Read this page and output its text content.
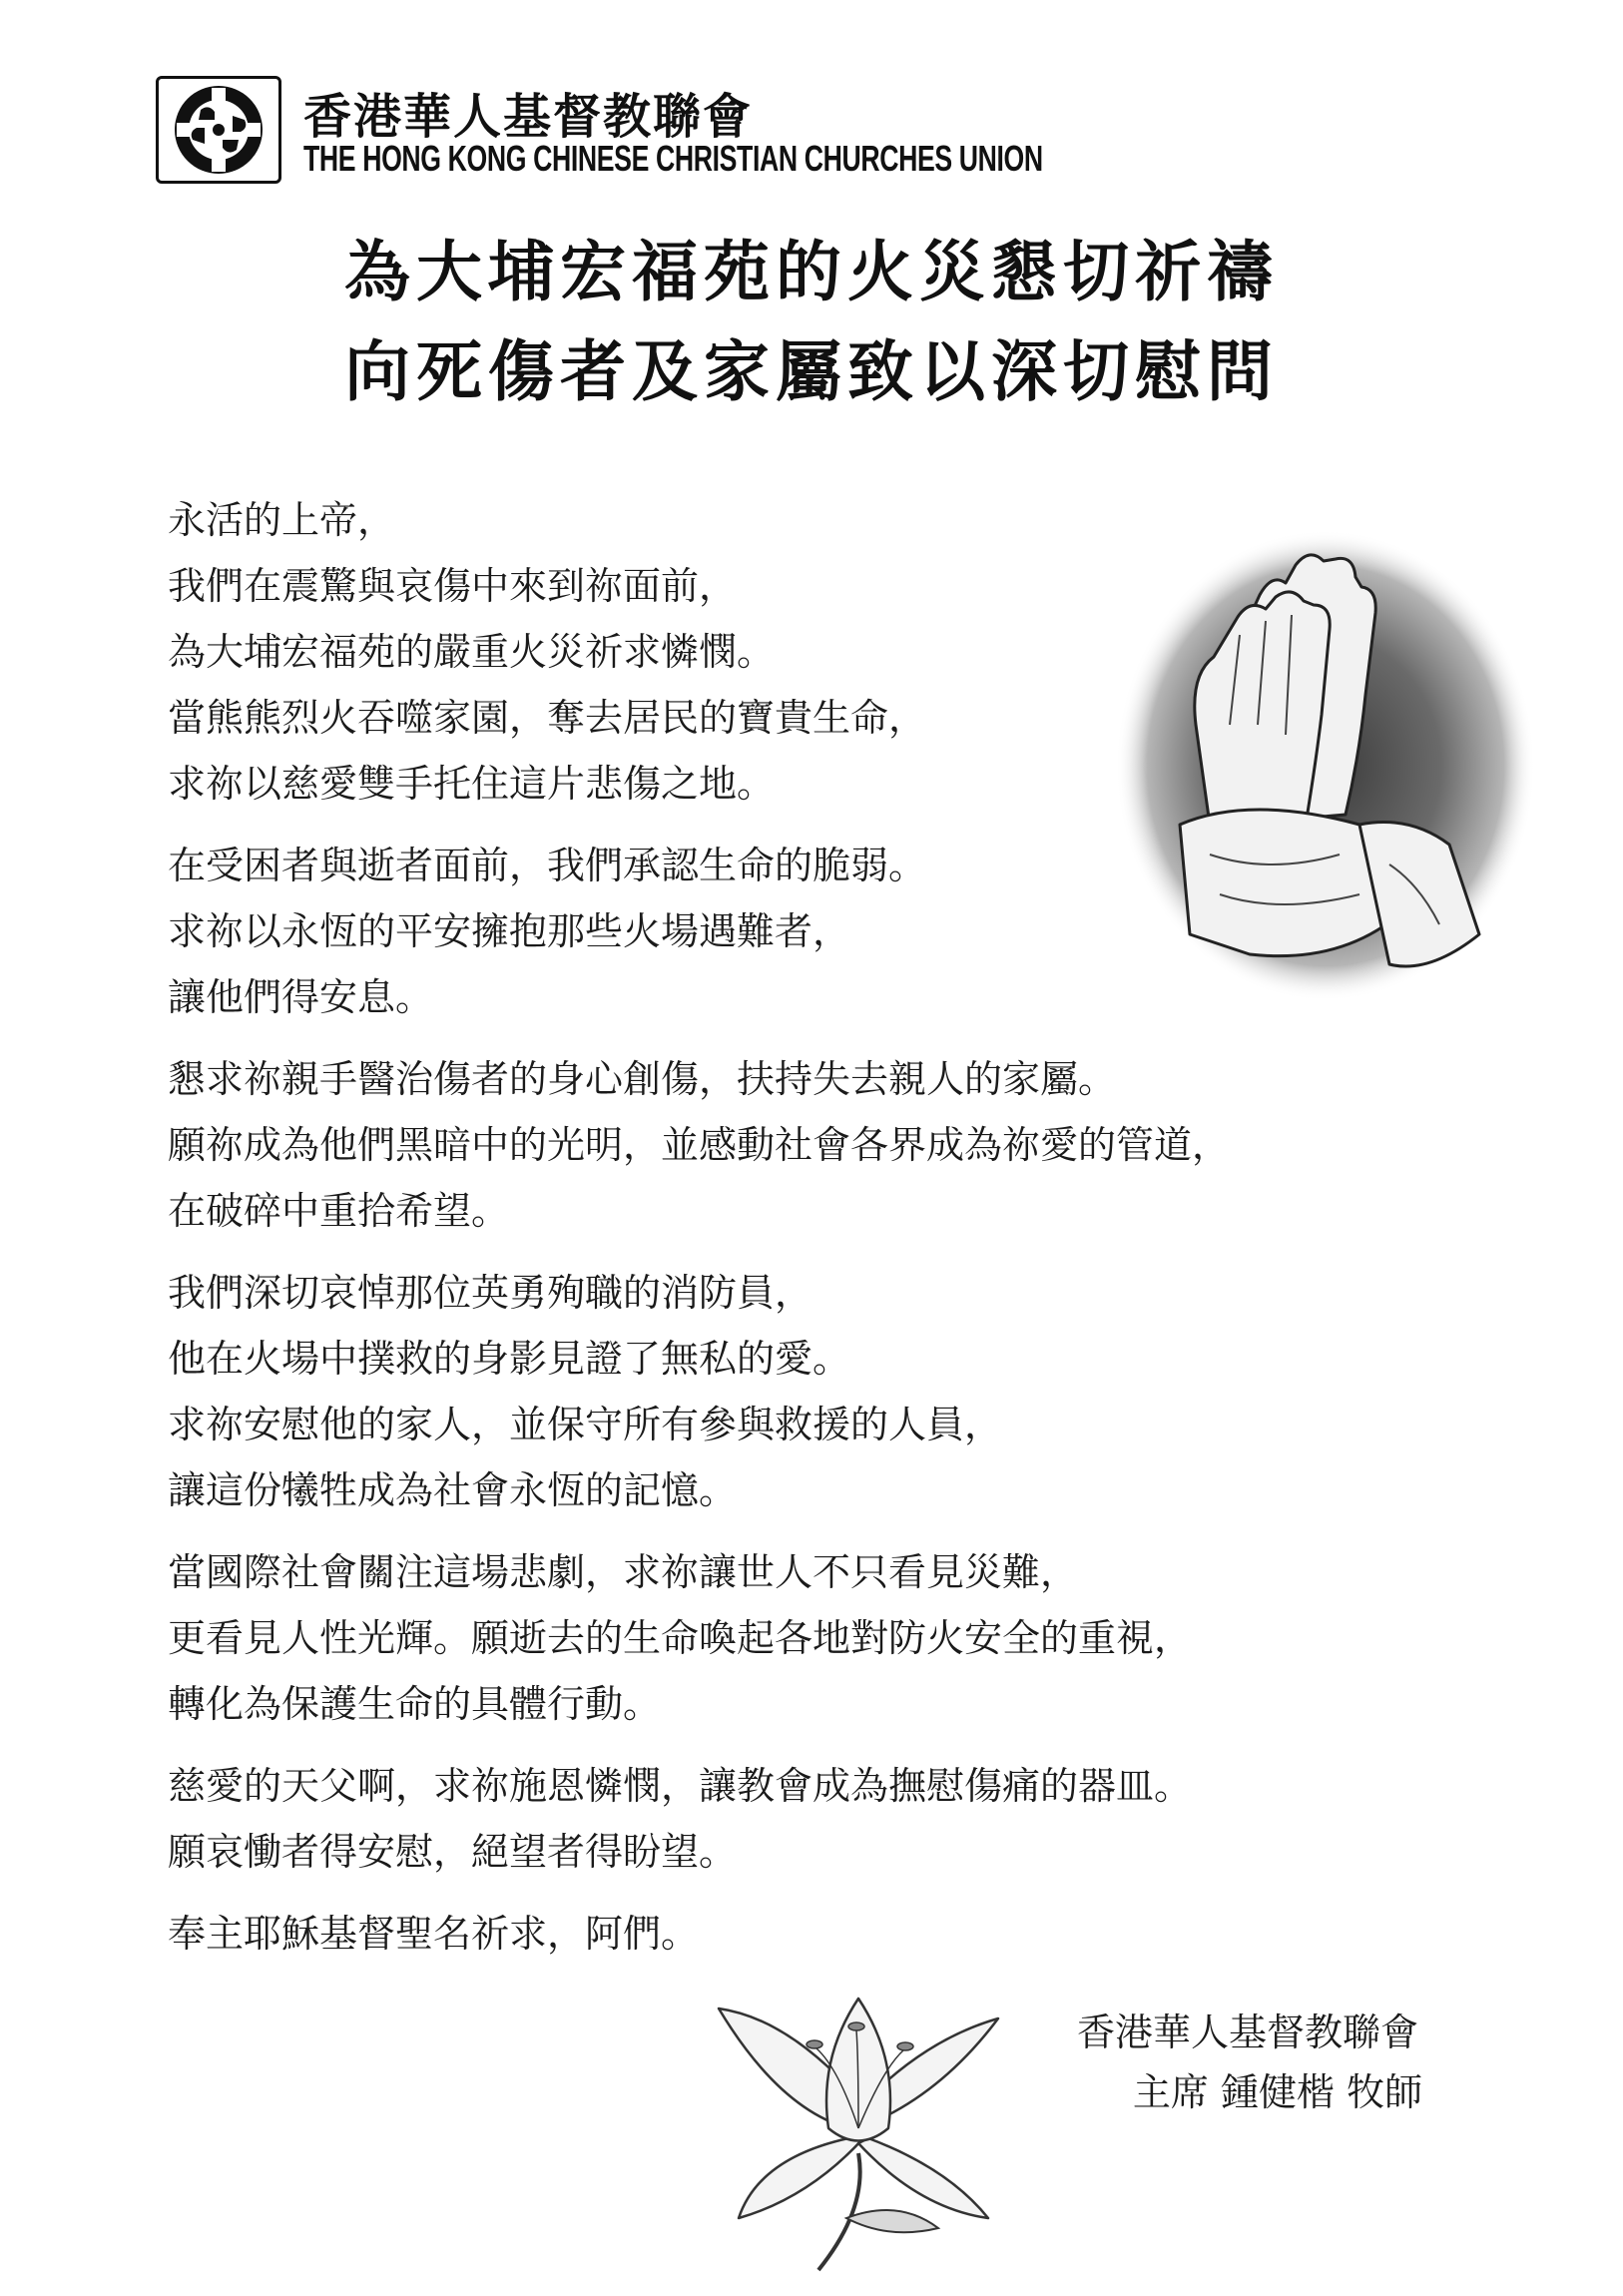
香港華人基督教聯會
THE HONG KONG CHINESE CHRISTIAN CHURCHES UNION
為大埔宏福苑的火災懇切祈禱
向死傷者及家屬致以深切慰問
永活的上帝，
我們在震驚與哀傷中來到祢面前，
為大埔宏福苑的嚴重火災祈求憐憫。
當熊熊烈火吞噬家園，奪去居民的寶貴生命，
求祢以慈愛雙手托住這片悲傷之地。
在受困者與逝者面前，我們承認生命的脆弱。
求祢以永恆的平安擁抱那些火場遇難者，
讓他們得安息。
懇求祢親手醫治傷者的身心創傷，扶持失去親人的家屬。
願祢成為他們黑暗中的光明，並感動社會各界成為祢愛的管道，
在破碎中重拾希望。
我們深切哀悼那位英勇殉職的消防員，
他在火場中撲救的身影見證了無私的愛。
求祢安慰他的家人，並保守所有參與救援的人員，
讓這份犧牲成為社會永恆的記憶。
當國際社會關注這場悲劇，求祢讓世人不只看見災難，
更看見人性光輝。願逝去的生命喚起各地對防火安全的重視，
轉化為保護生命的具體行動。
慈愛的天父啊，求祢施恩憐憫，讓教會成為撫慰傷痛的器皿。
願哀慟者得安慰，絕望者得盼望。
奉主耶穌基督聖名祈求，阿們。
香港華人基督教聯會
主席 鍾健楷 牧師
